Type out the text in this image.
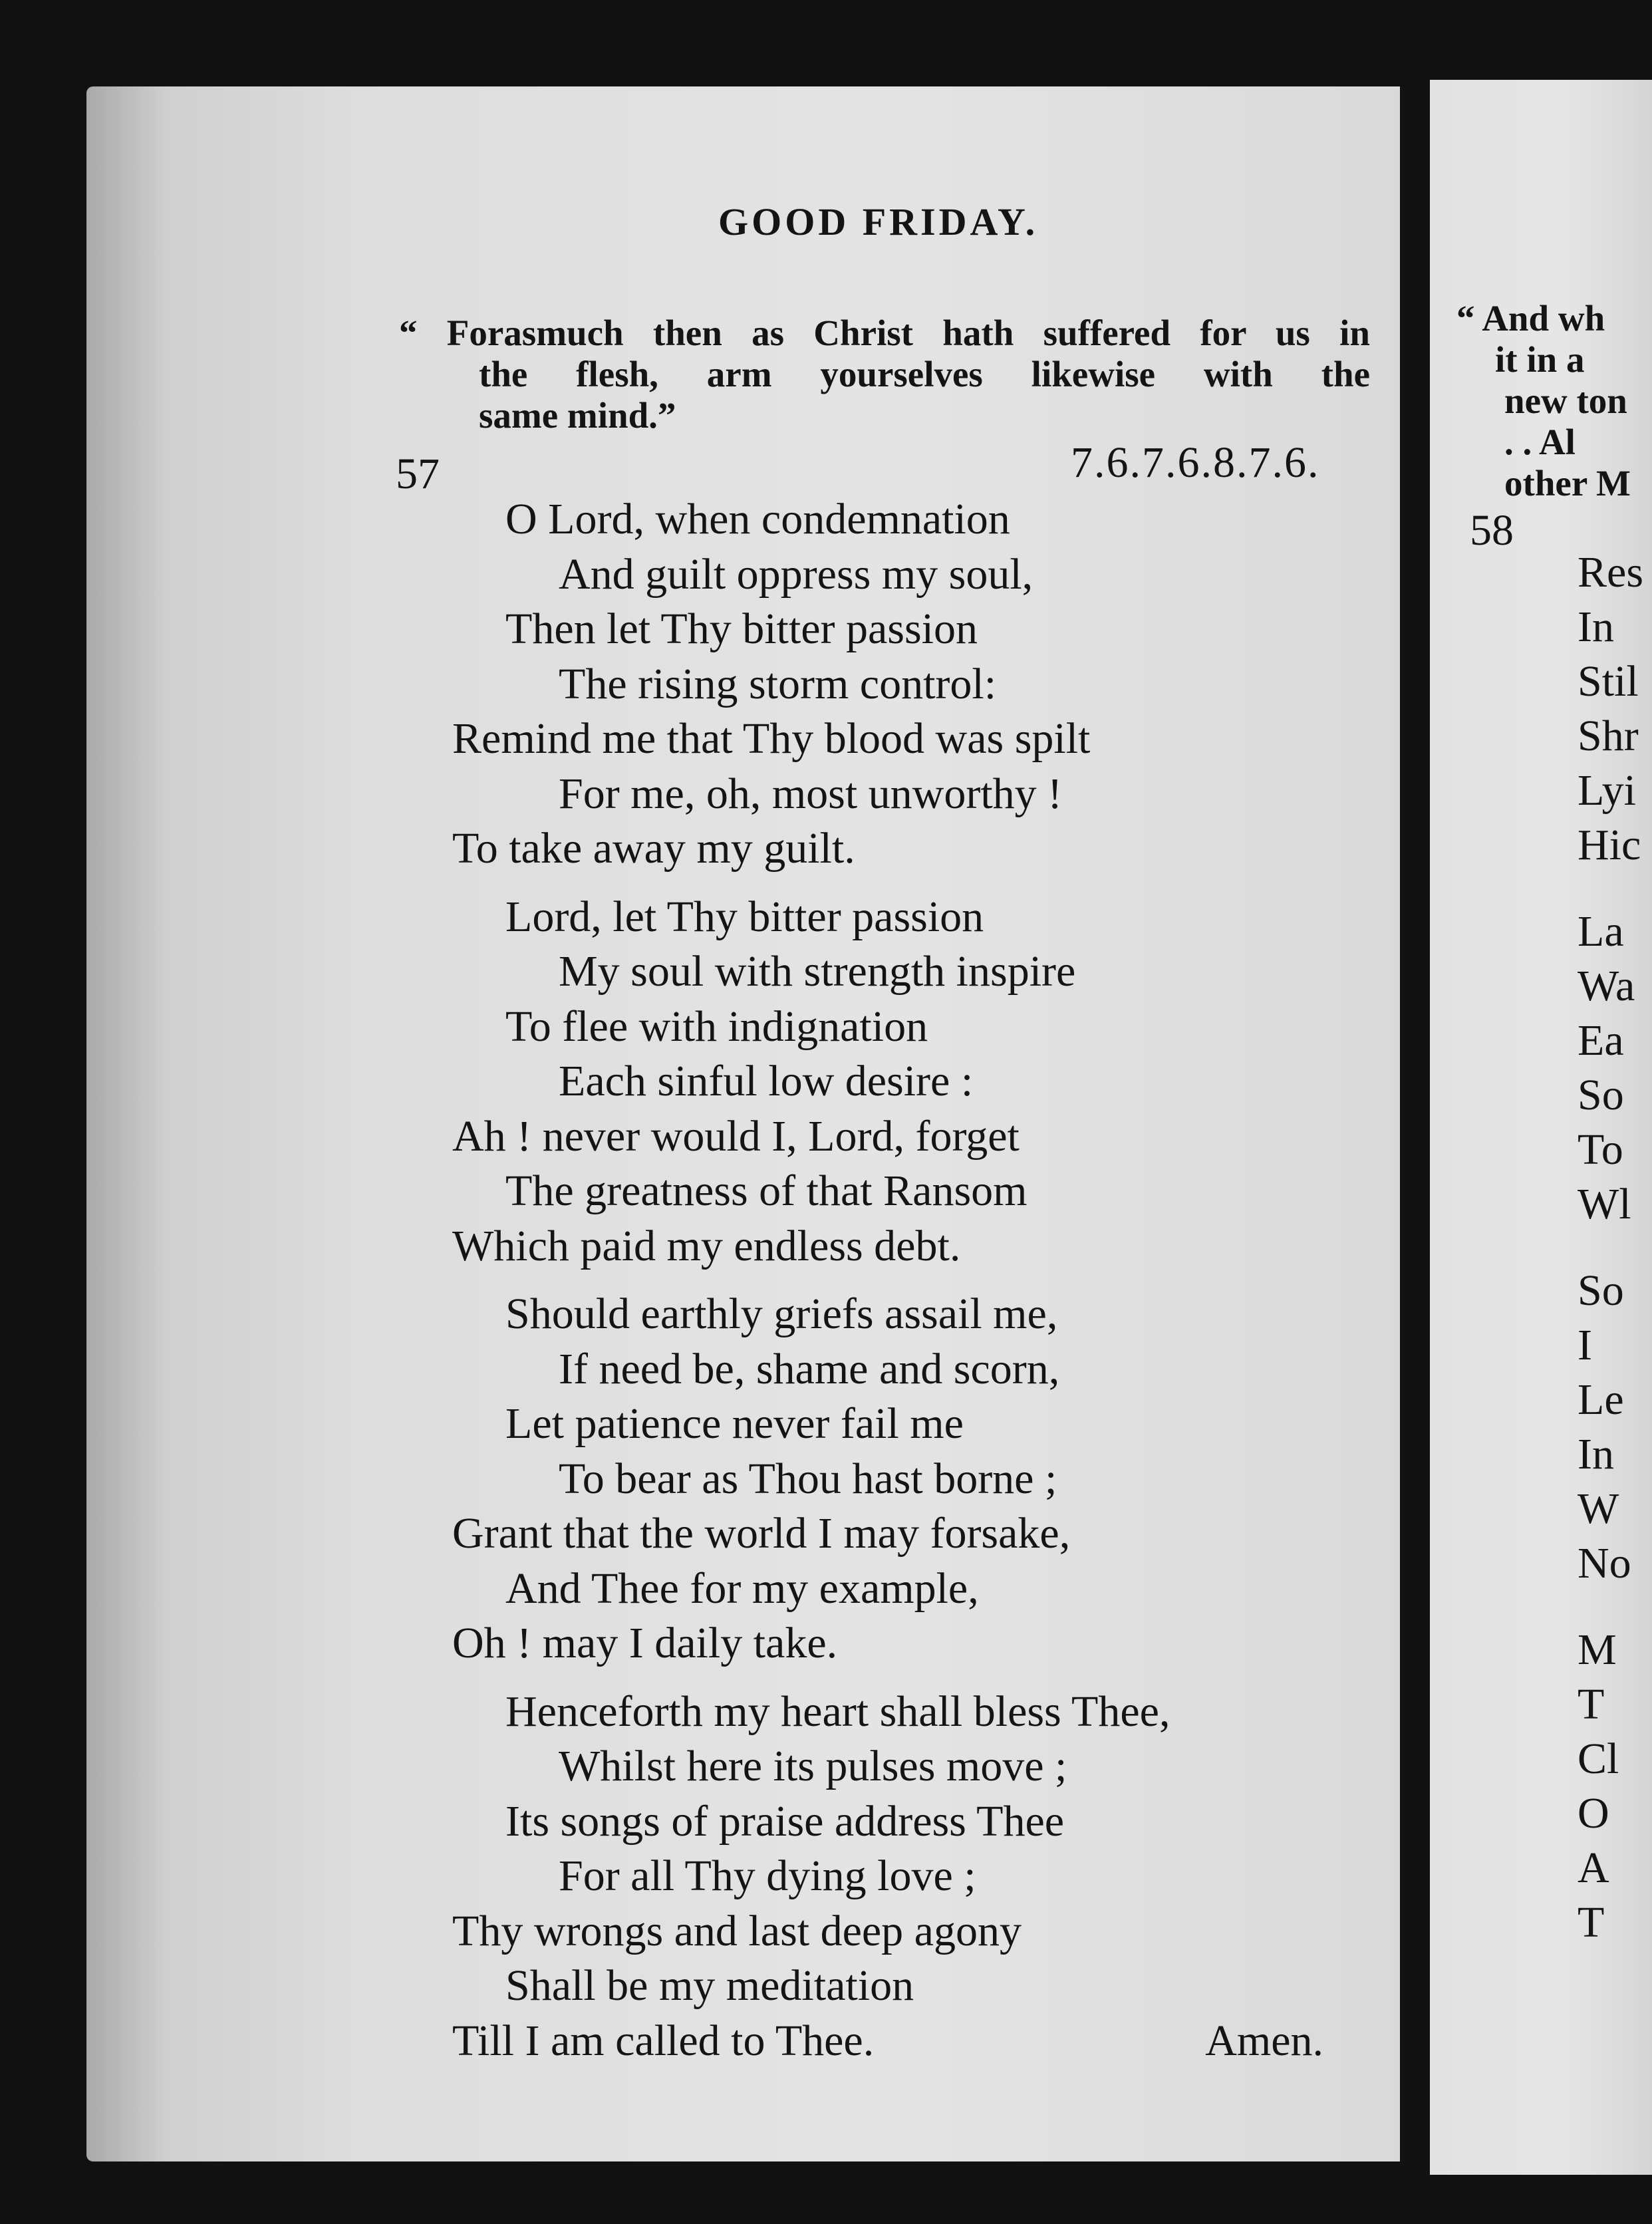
GOOD FRIDAY.
“ Forasmuch then as Christ hath suffered for us in
the flesh, arm yourselves likewise with the
same mind.”
57	7.6.7.6.8.7.6.
O Lord, when condemnation
And guilt oppress my soul,
Then let Thy bitter passion
The rising storm control:
Remind me that Thy blood was spilt
For me, oh, most unworthy !
To take away my guilt.
Lord, let Thy bitter passion
My soul with strength inspire
To flee with indignation
Each sinful low desire :
Ah ! never would I, Lord, forget
The greatness of that Ransom
Which paid my endless debt.
Should earthly griefs assail me,
If need be, shame and scorn,
Let patience never fail me
To bear as Thou hast borne ;
Grant that the world I may forsake,
And Thee for my example,
Oh ! may I daily take.
Henceforth my heart shall bless Thee,
Whilst here its pulses move ;
Its songs of praise address Thee
For all Thy dying love ;
Thy wrongs and last deep agony
Shall be my meditation
Till I am called to Thee.	Amen.
“ And wh
it in a
new ton
. . Al
other M
58
Res
In
Stil
Shr
Lyi
Hic
La
Wa
Ea
So
To
Wl
So
I
Le
In
W
No
M
T
Cl
O
A
T
